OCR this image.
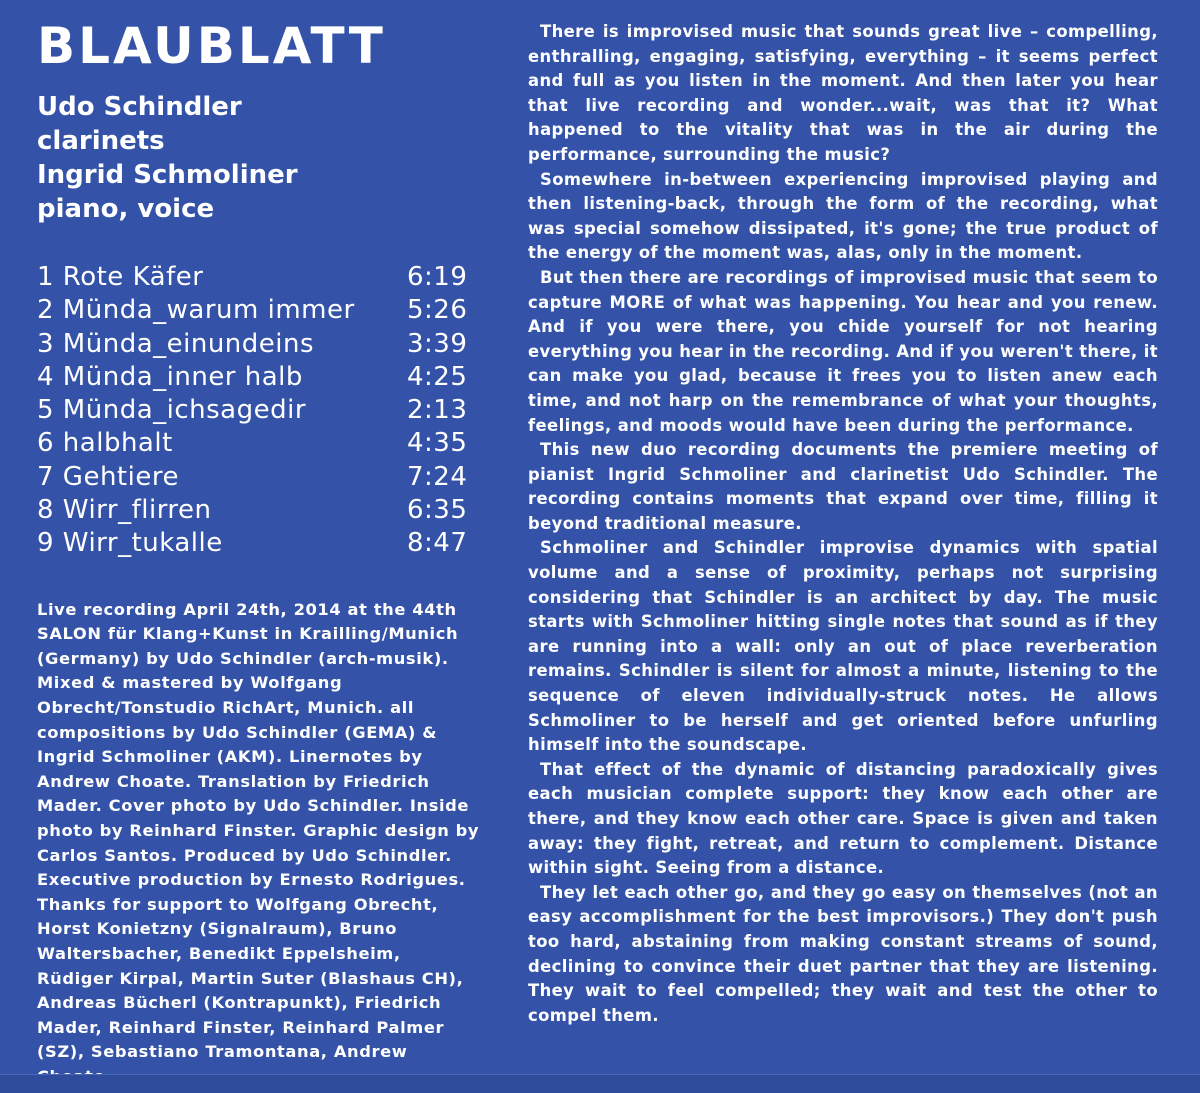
BLAUBLATT
Udo Schindler
clarinets
Ingrid Schmoliner
piano, voice
1 Rote Käfer	6:19
2 Münda_warum immer 5:26
3 Münda_einundeins	3:39
4 Münda_inner halb	4:25
5 Münda_ichsagedir	2:13
6 halbhalt	4:35
7 Gehtiere	7:24
8 Wirr_flirren	6:35
9 Wirr_tukalle	8:47
Live recording April 24th, 2014 at the 44th SALON für Klang+Kunst in Krailling/Munich (Germany) by Udo Schindler (arch-musik). Mixed & mastered by Wolfgang Obrecht/Tonstudio RichArt, Munich. all compositions by Udo Schindler (GEMA) & Ingrid Schmoliner (AKM). Linernotes by Andrew Choate. Translation by Friedrich Mader. Cover photo by Udo Schindler. Inside photo by Reinhard Finster. Graphic design by Carlos Santos. Produced by Udo Schindler. Executive production by Ernesto Rodrigues. Thanks for support to Wolfgang Obrecht, Horst Konietzny (Signalraum), Bruno Waltersbacher, Benedikt Eppelsheim, Rüdiger Kirpal, Martin Suter (Blashaus CH), Andreas Bücherl (Kontrapunkt), Friedrich Mader, Reinhard Finster, Reinhard Palmer (SZ), Sebastiano Tramontana, Andrew

There is improvised music that sounds great live – compelling, enthralling, engaging, satisfying, everything – it seems perfect and full as you listen in the moment. And then later you hear that live recording and wonder...wait, was that it? What happened to the vitality that was in the air during the performance, surrounding the music?

Somewhere in-between experiencing improvised playing and then listening-back, through the form of the recording, what was special somehow dissipated, it's gone; the true product of the energy of the moment was, alas, only in the moment.

But then there are recordings of improvised music that seem to capture MORE of what was happening. You hear and you renew. And if you were there, you chide yourself for not hearing everything you hear in the recording. And if you weren't there, it can make you glad, because it frees you to listen anew each time, and not harp on the remembrance of what your thoughts, feelings, and moods would have been during the performance.

This new duo recording documents the premiere meeting of pianist Ingrid Schmoliner and clarinetist Udo Schindler. The recording contains moments that expand over time, filling it beyond traditional measure.

Schmoliner and Schindler improvise dynamics with spatial volume and a sense of proximity, perhaps not surprising considering that Schindler is an architect by day. The music starts with Schmoliner hitting single notes that sound as if they are running into a wall: only an out of place reverberation remains. Schindler is silent for almost a minute, listening to the sequence of eleven individually-struck notes. He allows Schmoliner to be herself and get oriented before unfurling himself into the soundscape.

That effect of the dynamic of distancing paradoxically gives each musician complete support: they know each other are there, and they know each other care. Space is given and taken away: they fight, retreat, and return to complement. Distance within sight. Seeing from a distance.

They let each other go, and they go easy on themselves (not an easy accomplishment for the best improvisors.) They don't push too hard, abstaining from making constant streams of sound, declining to convince their duet partner that they are listening. They wait to feel compelled; they wait and test the other to compel them.
